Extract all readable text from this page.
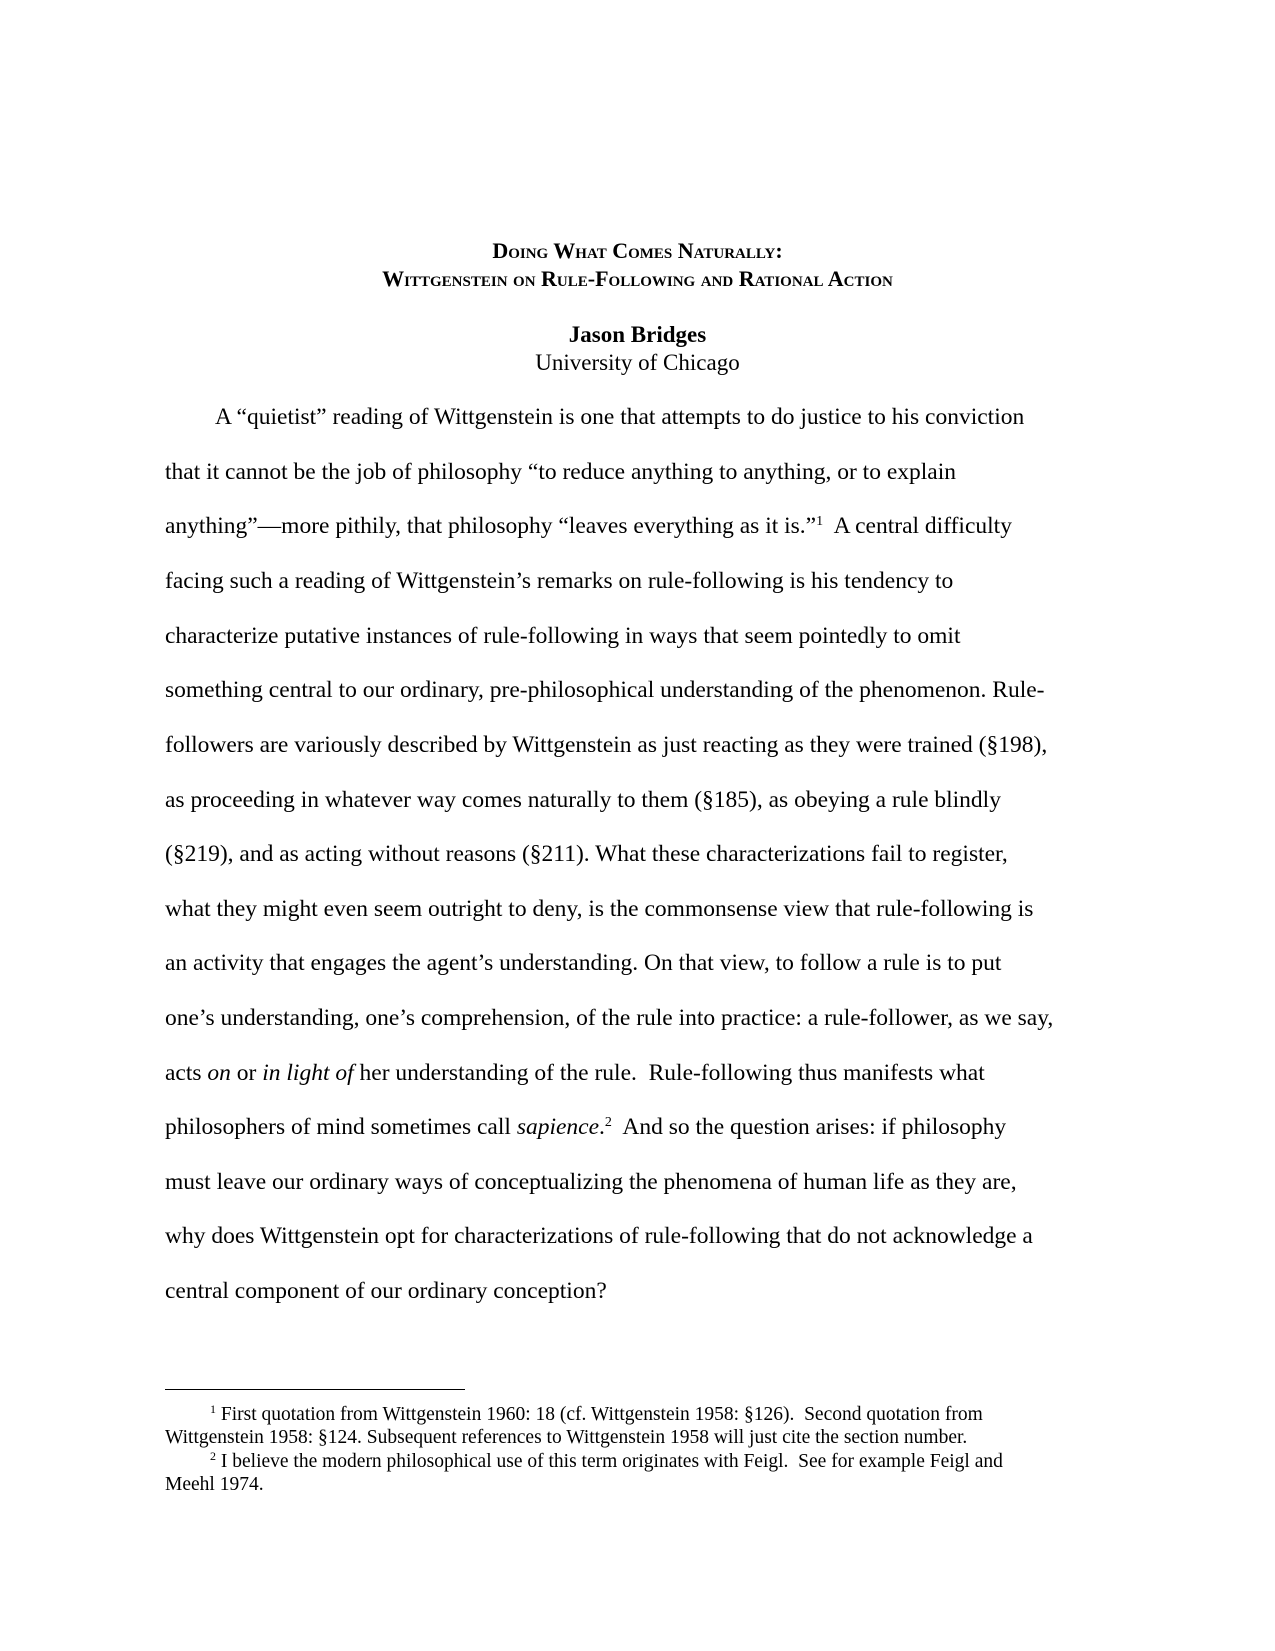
Doing What Comes Naturally:
Wittgenstein on Rule-Following and Rational Action
Jason Bridges
University of Chicago
A “quietist” reading of Wittgenstein is one that attempts to do justice to his conviction
that it cannot be the job of philosophy “to reduce anything to anything, or to explain
anything”—more pithily, that philosophy “leaves everything as it is.”$^1$  A central difficulty
facing such a reading of Wittgenstein’s remarks on rule-following is his tendency to
characterize putative instances of rule-following in ways that seem pointedly to omit
something central to our ordinary, pre-philosophical understanding of the phenomenon. Rule-
followers are variously described by Wittgenstein as just reacting as they were trained (§198),
as proceeding in whatever way comes naturally to them (§185), as obeying a rule blindly
(§219), and as acting without reasons (§211). What these characterizations fail to register,
what they might even seem outright to deny, is the commonsense view that rule-following is
an activity that engages the agent’s understanding. On that view, to follow a rule is to put
one’s understanding, one’s comprehension, of the rule into practice: a rule-follower, as we say,
acts on or in light of her understanding of the rule.  Rule-following thus manifests what
philosophers of mind sometimes call sapience.$^2$  And so the question arises: if philosophy
must leave our ordinary ways of conceptualizing the phenomena of human life as they are,
why does Wittgenstein opt for characterizations of rule-following that do not acknowledge a
central component of our ordinary conception?
$^1$ First quotation from Wittgenstein 1960: 18 (cf. Wittgenstein 1958: §126).  Second quotation from
Wittgenstein 1958: §124. Subsequent references to Wittgenstein 1958 will just cite the section number.
$^2$ I believe the modern philosophical use of this term originates with Feigl.  See for example Feigl and
Meehl 1974.
